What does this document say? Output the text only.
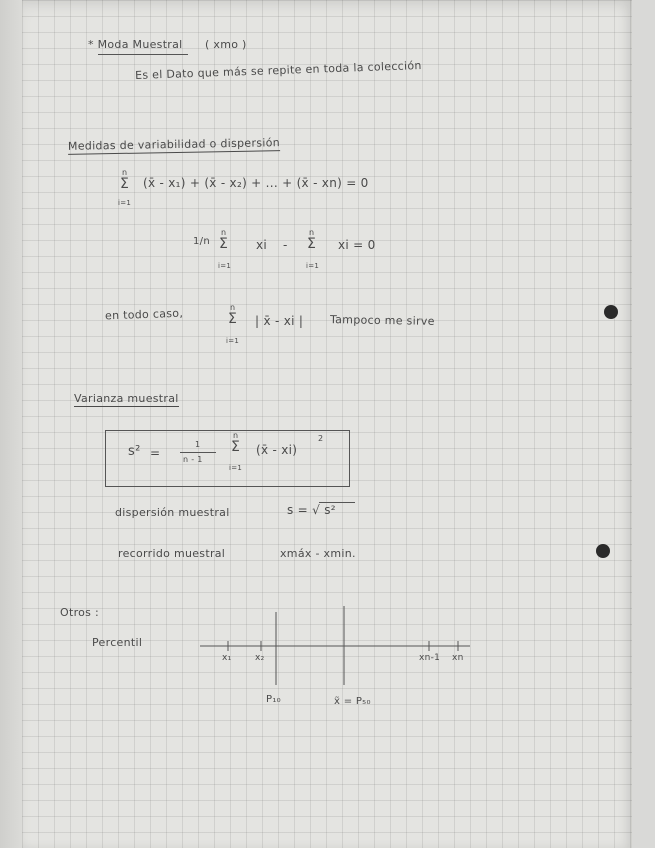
* Moda Muestral ( xmo )
Es el Dato que más se repite en toda la colección
Medidas de variabilidad o dispersión
n
Σ
i=1
(x̄ - x₁) + (x̄ - x₂) + ... + (x̄ - xn) = 0
1/n
n
Σ
i=1
xi -
n
Σ
i=1
xi = 0
en todo caso,	n
Σ
i=1
| x̄ - xi | Tampoco me sirve
Varianza muestral
s² =
1
n - 1
n
Σ
i=1
(x̄ - xi)
2
dispersión muestral	s = √ s²
recorrido muestral	xmáx - xmin.
Otros :
Percentil
x₁	x₂	xn-1 xn
P₁₀	x̃ = P₅₀
